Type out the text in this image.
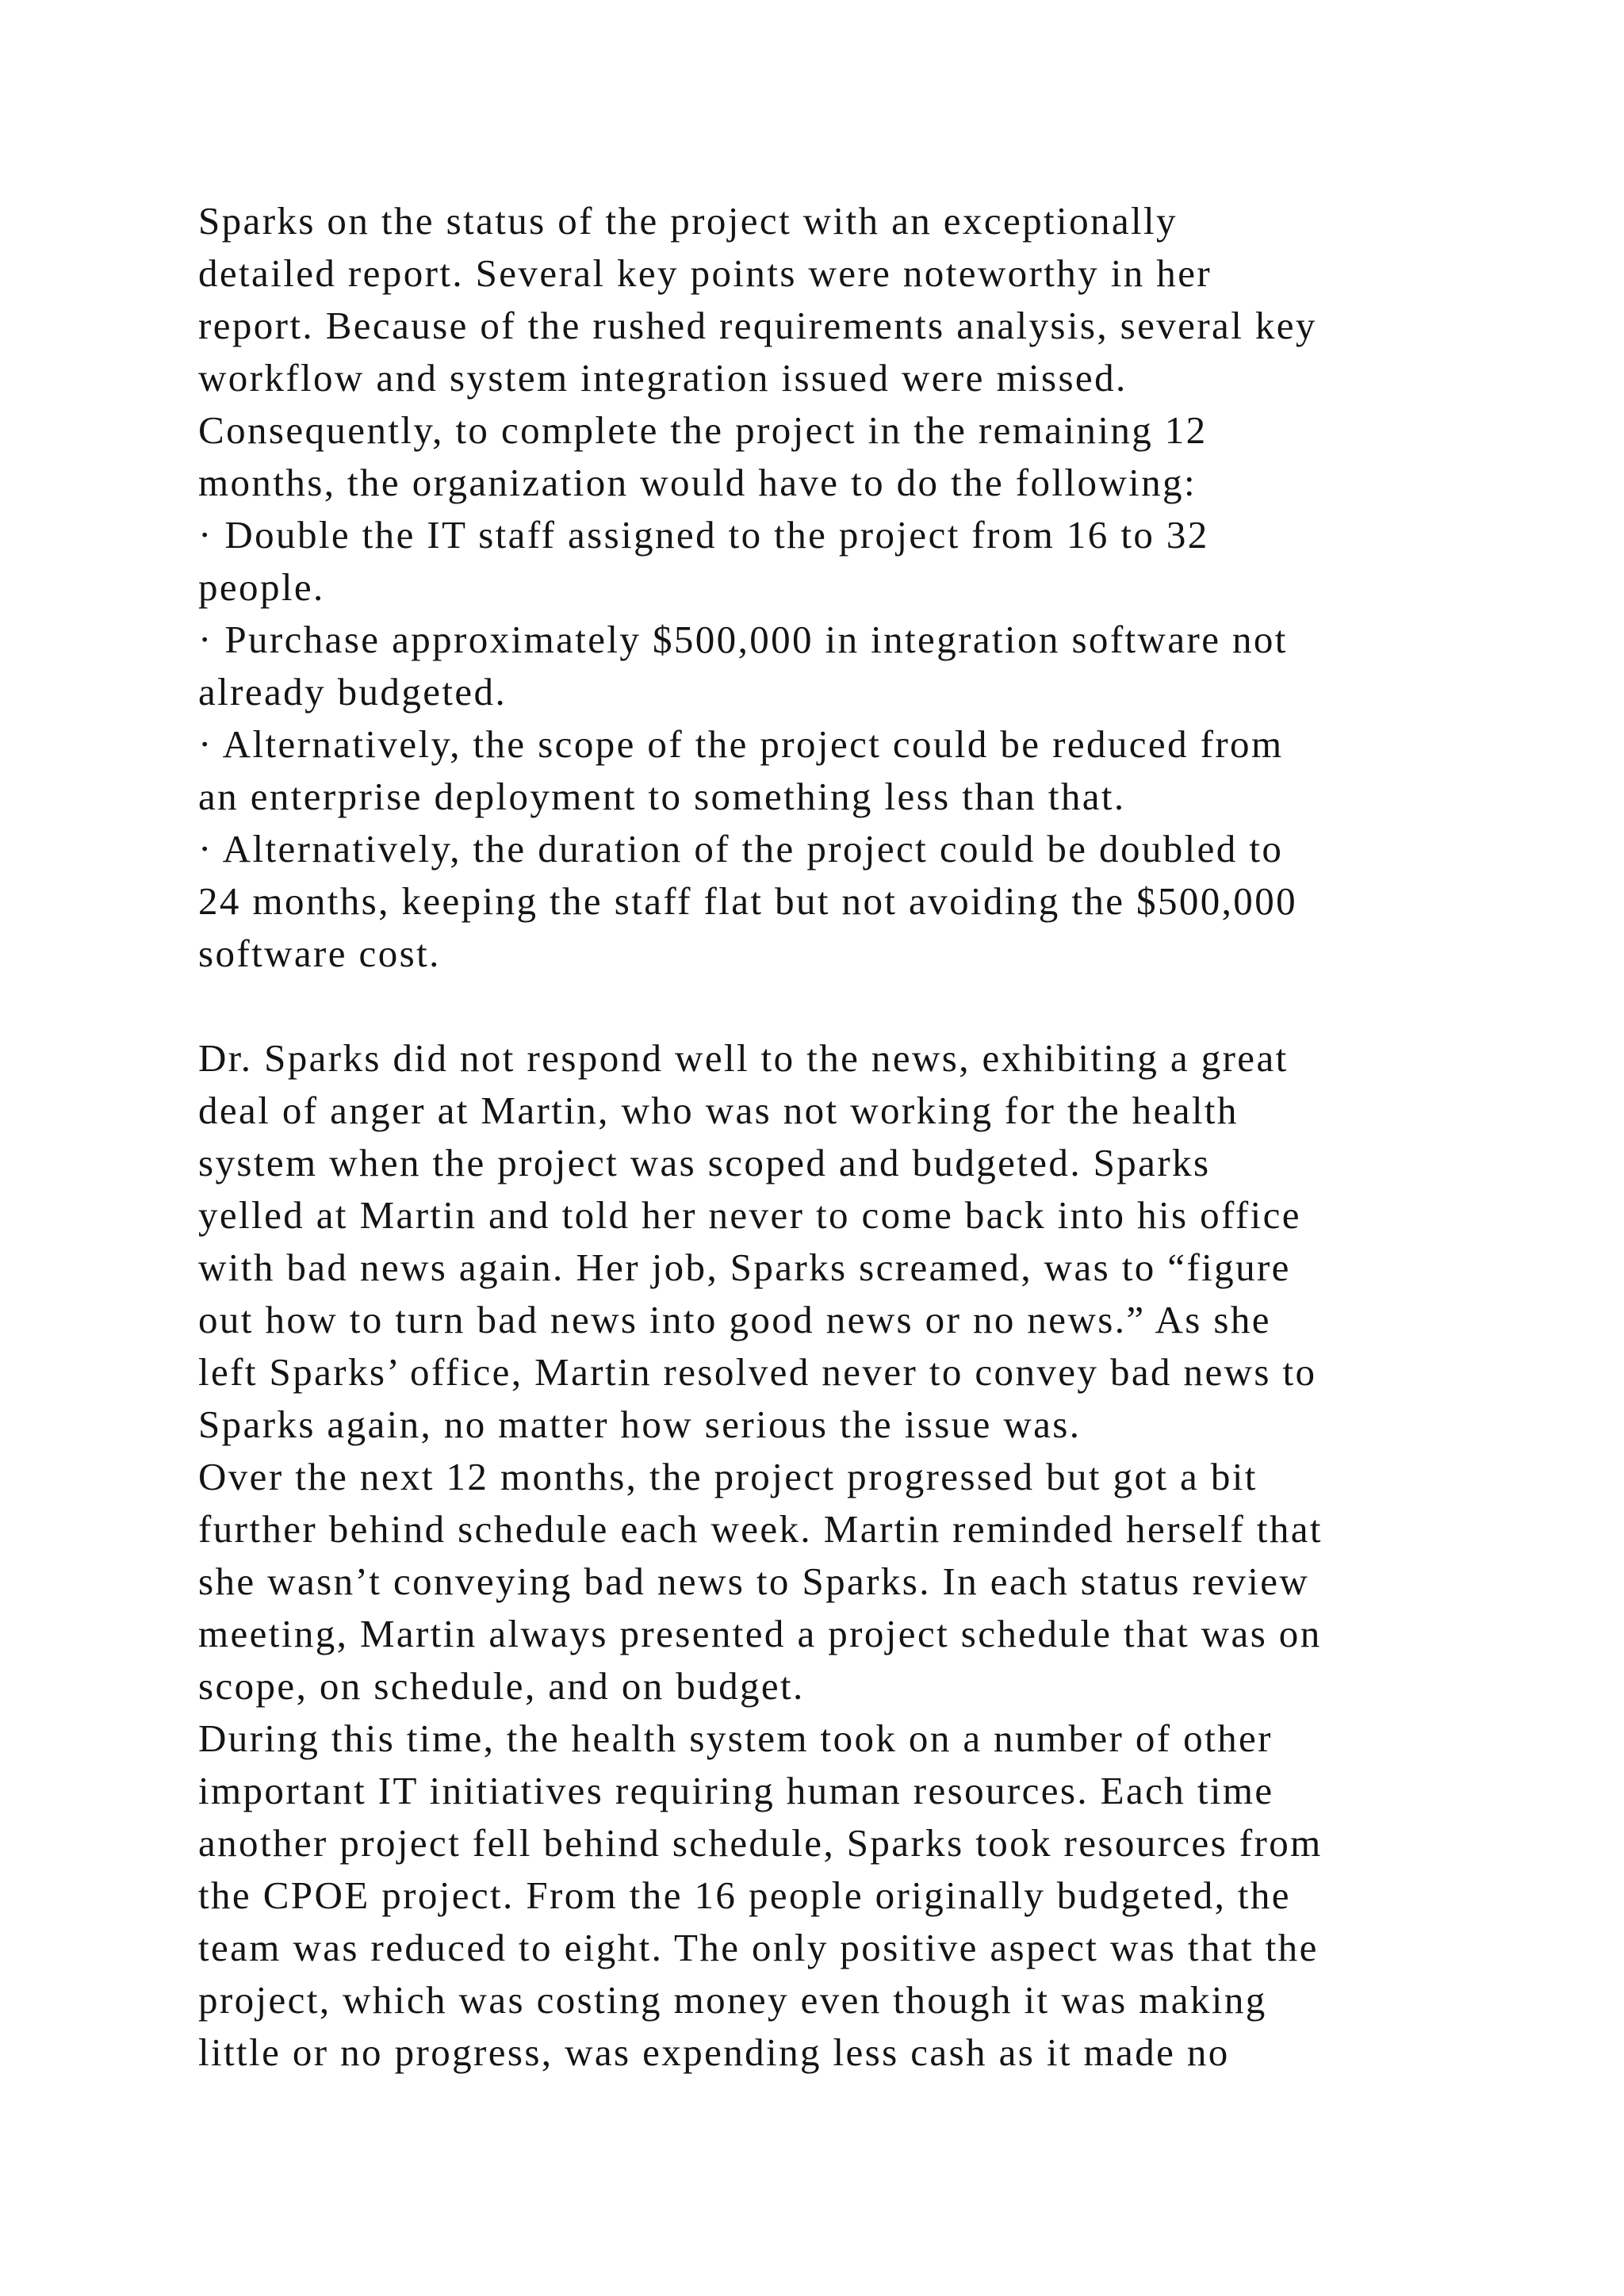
Sparks on the status of the project with an exceptionally
detailed report. Several key points were noteworthy in her
report. Because of the rushed requirements analysis, several key
workflow and system integration issued were missed.
Consequently, to complete the project in the remaining 12
months, the organization would have to do the following:
· Double the IT staff assigned to the project from 16 to 32
people.
· Purchase approximately $500,000 in integration software not
already budgeted.
· Alternatively, the scope of the project could be reduced from
an enterprise deployment to something less than that.
· Alternatively, the duration of the project could be doubled to
24 months, keeping the staff flat but not avoiding the $500,000
software cost.
Dr. Sparks did not respond well to the news, exhibiting a great
deal of anger at Martin, who was not working for the health
system when the project was scoped and budgeted. Sparks
yelled at Martin and told her never to come back into his office
with bad news again. Her job, Sparks screamed, was to “figure
out how to turn bad news into good news or no news.” As she
left Sparks’ office, Martin resolved never to convey bad news to
Sparks again, no matter how serious the issue was.
Over the next 12 months, the project progressed but got a bit
further behind schedule each week. Martin reminded herself that
she wasn’t conveying bad news to Sparks. In each status review
meeting, Martin always presented a project schedule that was on
scope, on schedule, and on budget.
During this time, the health system took on a number of other
important IT initiatives requiring human resources. Each time
another project fell behind schedule, Sparks took resources from
the CPOE project. From the 16 people originally budgeted, the
team was reduced to eight. The only positive aspect was that the
project, which was costing money even though it was making
little or no progress, was expending less cash as it made no
